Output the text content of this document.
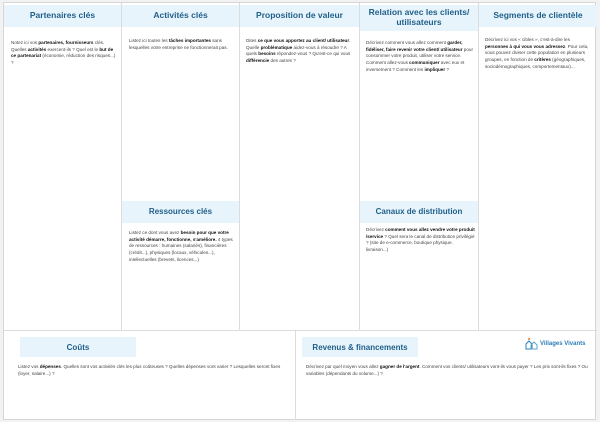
Partenaires clés
Notez ici vos partenaires, fournisseurs clés. Quelles activités exercent-ils ? Quel est le but de ce partenariat (économie, réduction des risques...) ?
Activités clés
Listez ici toutes les tâches importantes sans lesquelles votre entreprise ne fonctionnerait pas.
Ressources clés
Listez ce dont vous avez besoin pour que votre activité démarre, fonctionne, s'améliore. 4 types de ressources : humaines (salariés), financières (crédit...), physiques (locaux, véhicules...), intellectuelles (brevets, licences...)
Proposition de valeur
Dites ce que vous apportez au client/ utilisateur. Quelle problématique aidez-vous à résoudre ? A quels besoins répondez-vous ? Qu'est-ce qui vous différencie des autres ?
Relation avec les clients/ utilisateurs
Décrivez comment vous allez comment garder, fidéliser, faire revenir votre client/ utilisateur pour consommer votre produit, utiliser votre service. Comment allez-vous communiquer avec eux et inversement ? Comment les impliquer ?
Canaux de distribution
Décrivez comment vous allez vendre votre produit /service ? Quel sera le canal de distribution privilégié ? (site de e-commerce, boutique physique, livraison...)
Segments de clientèle
Décrivez ici vos « cibles », c'est-à-dire les personnes à qui vous vous adressez. Pour cela, vous pouvez diviser cette population en plusieurs groupes, en fonction de critères (géographiques, sociodémographiques, comportementaux)...
Coûts
Listez vos dépenses. Quelles sont vos activités clés les plus coûteuses ? Quelles dépenses vont varier ? Lesquelles seront fixes (loyer, salaire...) ?
Revenus & financements	Villages Vivants
Décrivez par quel moyen vous allez gagner de l'argent. Comment vos clients/ utilisateurs vont-ils vous payer ? Les prix sont-ils fixes ? Ou variables (dépendants du volume...) ?
